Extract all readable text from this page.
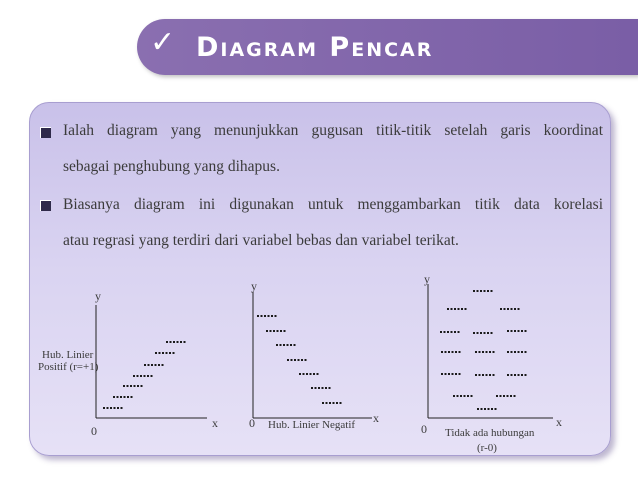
✓ Diagram Pencar
Ialah diagram yang menunjukkan gugusan titik-titik setelah garis koordinat
sebagai penghubung yang dihapus.
Biasanya diagram ini digunakan untuk menggambarkan titik data korelasi
atau regrasi yang terdiri dari variabel bebas dan variabel terikat.
y
x
0
Hub. Linier
Positif (r=+1)
y
x
0 Hub. Linier Negatif
y
x
0 Tidak ada hubungan
(r-0)
